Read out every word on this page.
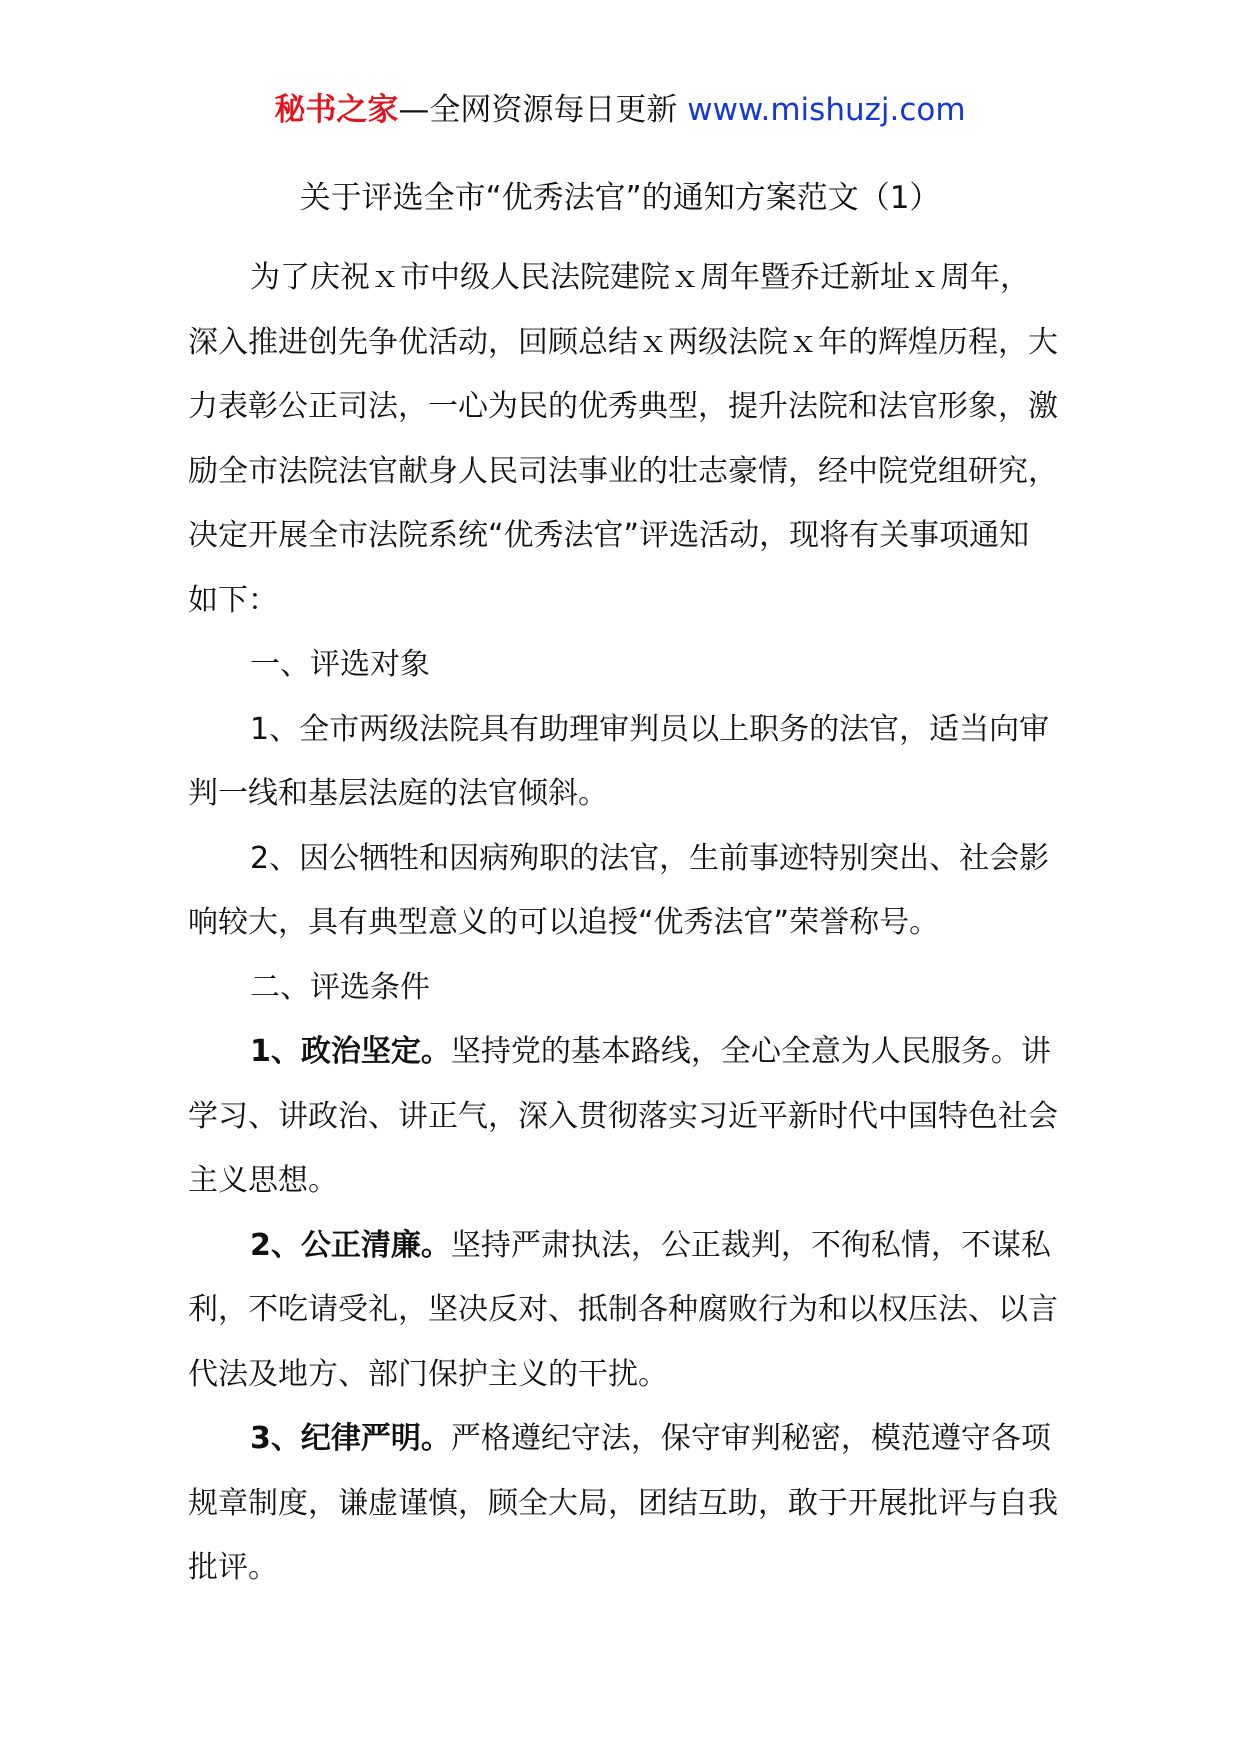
秘书之家—全网资源每日更新 www.mishuzj.com
关于评选全市“优秀法官”的通知方案范文（1）

为了庆祝ｘ市中级人民法院建院ｘ周年暨乔迁新址ｘ周年，深入推进创先争优活动，回顾总结ｘ两级法院ｘ年的辉煌历程，大力表彰公正司法，一心为民的优秀典型，提升法院和法官形象，激励全市法院法官献身人民司法事业的壮志豪情，经中院党组研究，决定开展全市法院系统“优秀法官”评选活动，现将有关事项通知如下：

一、评选对象

1、全市两级法院具有助理审判员以上职务的法官，适当向审判一线和基层法庭的法官倾斜。

2、因公牺牲和因病殉职的法官，生前事迹特别突出、社会影响较大，具有典型意义的可以追授“优秀法官”荣誉称号。

二、评选条件

1、政治坚定。坚持党的基本路线，全心全意为人民服务。讲学习、讲政治、讲正气，深入贯彻落实习近平新时代中国特色社会主义思想。

2、公正清廉。坚持严肃执法，公正裁判，不徇私情，不谋私利，不吃请受礼，坚决反对、抵制各种腐败行为和以权压法、以言代法及地方、部门保护主义的干扰。

3、纪律严明。严格遵纪守法，保守审判秘密，模范遵守各项规章制度，谦虚谨慎，顾全大局，团结互助，敢于开展批评与自我批评。
